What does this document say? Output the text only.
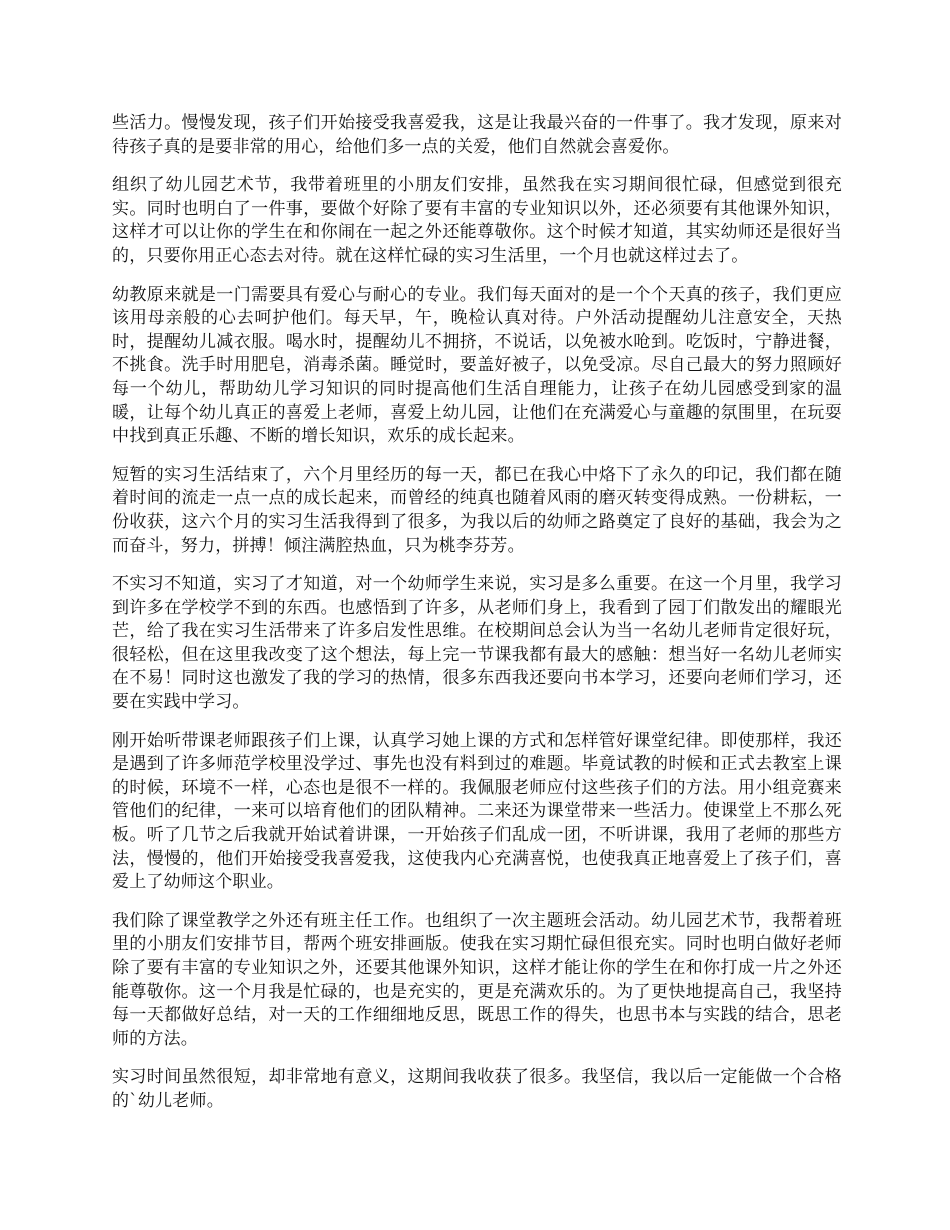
些活力。慢慢发现，孩子们开始接受我喜爱我，这是让我最兴奋的一件事了。我才发现，原来对待孩子真的是要非常的用心，给他们多一点的关爱，他们自然就会喜爱你。

组织了幼儿园艺术节，我带着班里的小朋友们安排，虽然我在实习期间很忙碌，但感觉到很充实。同时也明白了一件事，要做个好除了要有丰富的专业知识以外，还必须要有其他课外知识，这样才可以让你的学生在和你闹在一起之外还能尊敬你。这个时候才知道，其实幼师还是很好当的，只要你用正心态去对待。就在这样忙碌的实习生活里，一个月也就这样过去了。

幼教原来就是一门需要具有爱心与耐心的专业。我们每天面对的是一个个天真的孩子，我们更应该用母亲般的心去呵护他们。每天早，午，晚检认真对待。户外活动提醒幼儿注意安全，天热时，提醒幼儿减衣服。喝水时，提醒幼儿不拥挤，不说话，以免被水呛到。吃饭时，宁静进餐，不挑食。洗手时用肥皂，消毒杀菌。睡觉时，要盖好被子，以免受凉。尽自己最大的努力照顾好每一个幼儿，帮助幼儿学习知识的同时提高他们生活自理能力，让孩子在幼儿园感受到家的温暖，让每个幼儿真正的喜爱上老师，喜爱上幼儿园，让他们在充满爱心与童趣的氛围里，在玩耍中找到真正乐趣、不断的增长知识，欢乐的成长起来。

短暂的实习生活结束了，六个月里经历的每一天，都已在我心中烙下了永久的印记，我们都在随着时间的流走一点一点的成长起来，而曾经的纯真也随着风雨的磨灭转变得成熟。一份耕耘，一份收获，这六个月的实习生活我得到了很多，为我以后的幼师之路奠定了良好的基础，我会为之而奋斗，努力，拼搏！倾注满腔热血，只为桃李芬芳。

不实习不知道，实习了才知道，对一个幼师学生来说，实习是多么重要。在这一个月里，我学习到许多在学校学不到的东西。也感悟到了许多，从老师们身上，我看到了园丁们散发出的耀眼光芒，给了我在实习生活带来了许多启发性思维。在校期间总会认为当一名幼儿老师肯定很好玩，很轻松，但在这里我改变了这个想法，每上完一节课我都有最大的感触：想当好一名幼儿老师实在不易！同时这也激发了我的学习的热情，很多东西我还要向书本学习，还要向老师们学习，还要在实践中学习。

刚开始听带课老师跟孩子们上课，认真学习她上课的方式和怎样管好课堂纪律。即使那样，我还是遇到了许多师范学校里没学过、事先也没有料到过的难题。毕竟试教的时候和正式去教室上课的时候，环境不一样，心态也是很不一样的。我佩服老师应付这些孩子们的方法。用小组竞赛来管他们的纪律，一来可以培育他们的团队精神。二来还为课堂带来一些活力。使课堂上不那么死板。听了几节之后我就开始试着讲课，一开始孩子们乱成一团，不听讲课，我用了老师的那些方法，慢慢的，他们开始接受我喜爱我，这使我内心充满喜悦，也使我真正地喜爱上了孩子们，喜爱上了幼师这个职业。

我们除了课堂教学之外还有班主任工作。也组织了一次主题班会活动。幼儿园艺术节，我帮着班里的小朋友们安排节目，帮两个班安排画版。使我在实习期忙碌但很充实。同时也明白做好老师除了要有丰富的专业知识之外，还要其他课外知识，这样才能让你的学生在和你打成一片之外还能尊敬你。这一个月我是忙碌的，也是充实的，更是充满欢乐的。为了更快地提高自己，我坚持每一天都做好总结，对一天的工作细细地反思，既思工作的得失，也思书本与实践的结合，思老师的方法。

实习时间虽然很短，却非常地有意义，这期间我收获了很多。我坚信，我以后一定能做一个合格的`幼儿老师。
